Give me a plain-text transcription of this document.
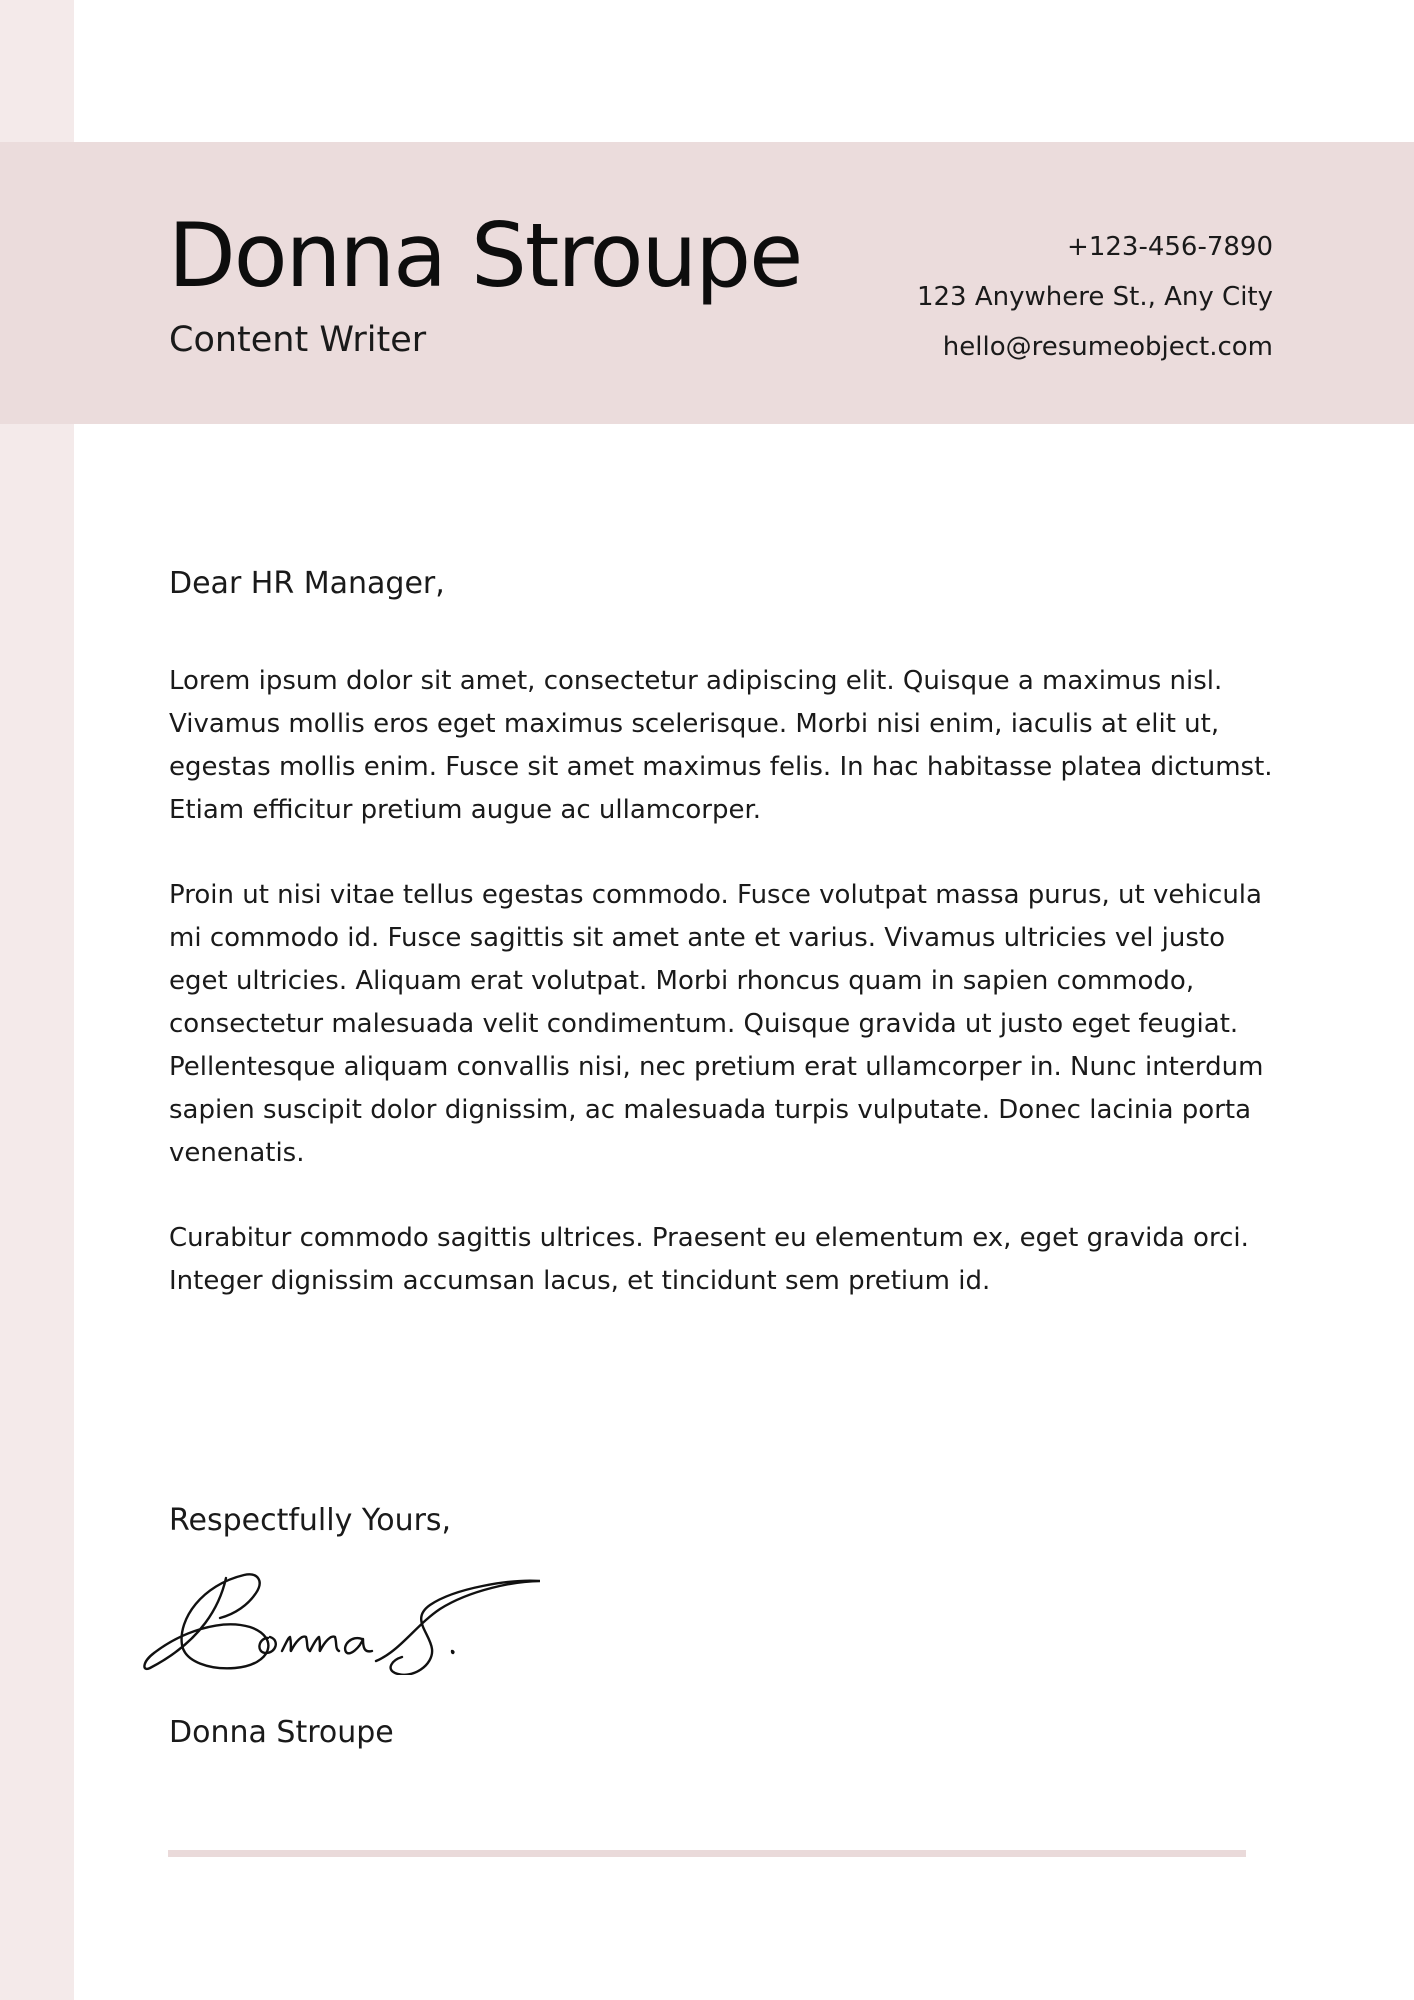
Donna Stroupe
Content Writer
+123-456-7890
123 Anywhere St., Any City
hello@resumeobject.com

Dear HR Manager,

Lorem ipsum dolor sit amet, consectetur adipiscing elit. Quisque a maximus nisl. Vivamus mollis eros eget maximus scelerisque. Morbi nisi enim, iaculis at elit ut, egestas mollis enim. Fusce sit amet maximus felis. In hac habitasse platea dictumst. Etiam efficitur pretium augue ac ullamcorper.

Proin ut nisi vitae tellus egestas commodo. Fusce volutpat massa purus, ut vehicula mi commodo id. Fusce sagittis sit amet ante et varius. Vivamus ultricies vel justo eget ultricies. Aliquam erat volutpat. Morbi rhoncus quam in sapien commodo, consectetur malesuada velit condimentum. Quisque gravida ut justo eget feugiat. Pellentesque aliquam convallis nisi, nec pretium erat ullamcorper in. Nunc interdum sapien suscipit dolor dignissim, ac malesuada turpis vulputate. Donec lacinia porta venenatis.

Curabitur commodo sagittis ultrices. Praesent eu elementum ex, eget gravida orci. Integer dignissim accumsan lacus, et tincidunt sem pretium id.

Respectfully Yours,
Donna Stroupe
